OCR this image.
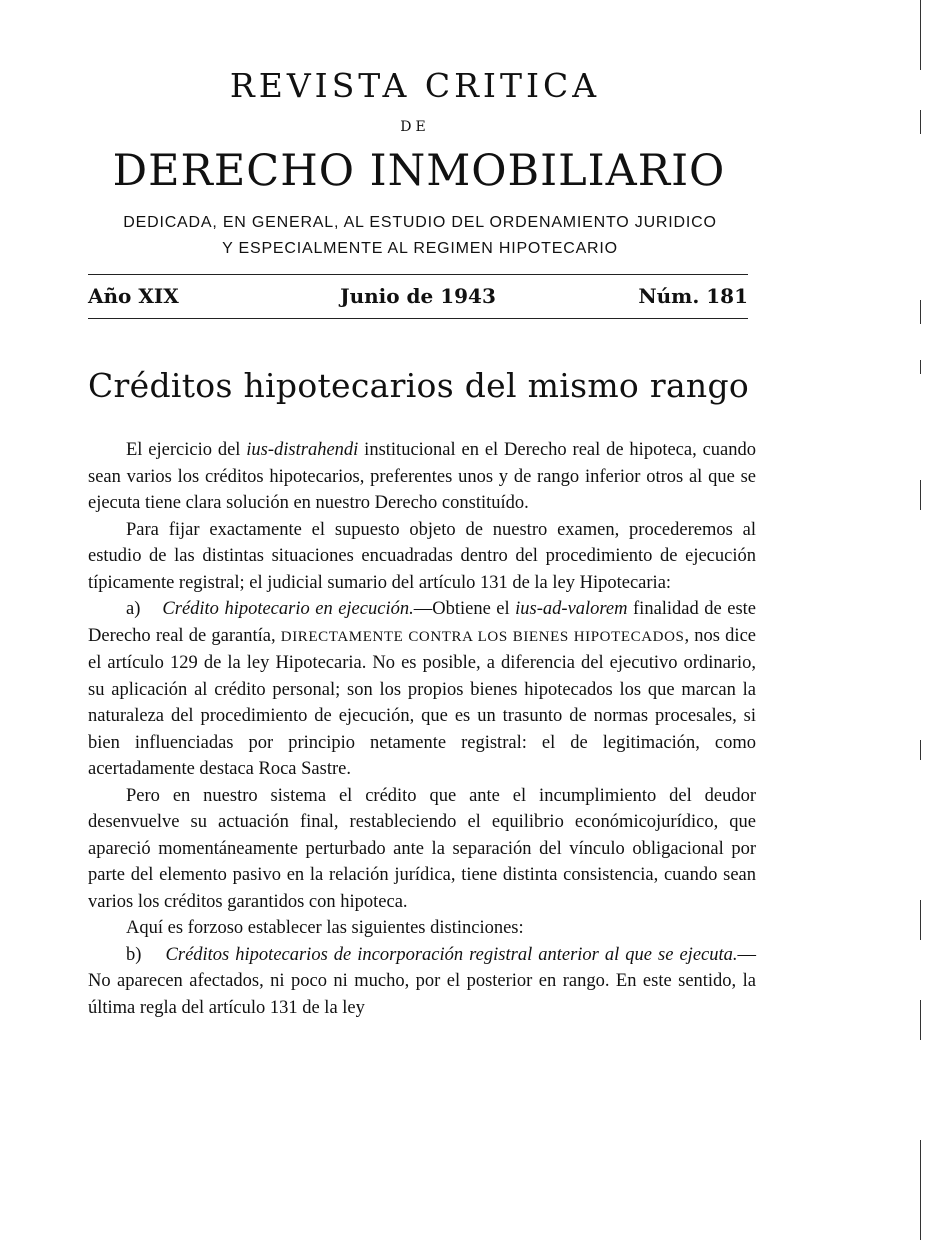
REVISTA CRITICA
DE
DERECHO INMOBILIARIO
DEDICADA, EN GENERAL, AL ESTUDIO DEL ORDENAMIENTO JURIDICO
Y ESPECIALMENTE AL REGIMEN HIPOTECARIO
Año XIX	Junio de 1943	Núm. 181
Créditos hipotecarios del mismo rango

El ejercicio del ius-distrahendi institucional en el Derecho real de hipoteca, cuando sean varios los créditos hipotecarios, preferentes unos y de rango inferior otros al que se ejecuta tiene clara solución en nuestro Derecho constituído.

Para fijar exactamente el supuesto objeto de nuestro examen, procederemos al estudio de las distintas situaciones encuadradas dentro del procedimiento de ejecución típicamente registral; el judicial sumario del artículo 131 de la ley Hipotecaria:

a) Crédito hipotecario en ejecución.—Obtiene el ius-ad-valorem finalidad de este Derecho real de garantía, DIRECTAMENTE CONTRA LOS BIENES HIPOTECADOS, nos dice el artículo 129 de la ley Hipotecaria. No es posible, a diferencia del ejecutivo ordinario, su aplicación al crédito personal; son los propios bienes hipotecados los que marcan la naturaleza del procedimiento de ejecución, que es un trasunto de normas procesales, si bien influenciadas por principio netamente registral: el de legitimación, como acertadamente destaca Roca Sastre.

Pero en nuestro sistema el crédito que ante el incumplimiento del deudor desenvuelve su actuación final, restableciendo el equilibrio económicojurídico, que apareció momentáneamente perturbado ante la separación del vínculo obligacional por parte del elemento pasivo en la relación jurídica, tiene distinta consistencia, cuando sean varios los créditos garantidos con hipoteca.

Aquí es forzoso establecer las siguientes distinciones:

b) Créditos hipotecarios de incorporación registral anterior al que se ejecuta.—No aparecen afectados, ni poco ni mucho, por el posterior en rango. En este sentido, la última regla del artículo 131 de la ley
